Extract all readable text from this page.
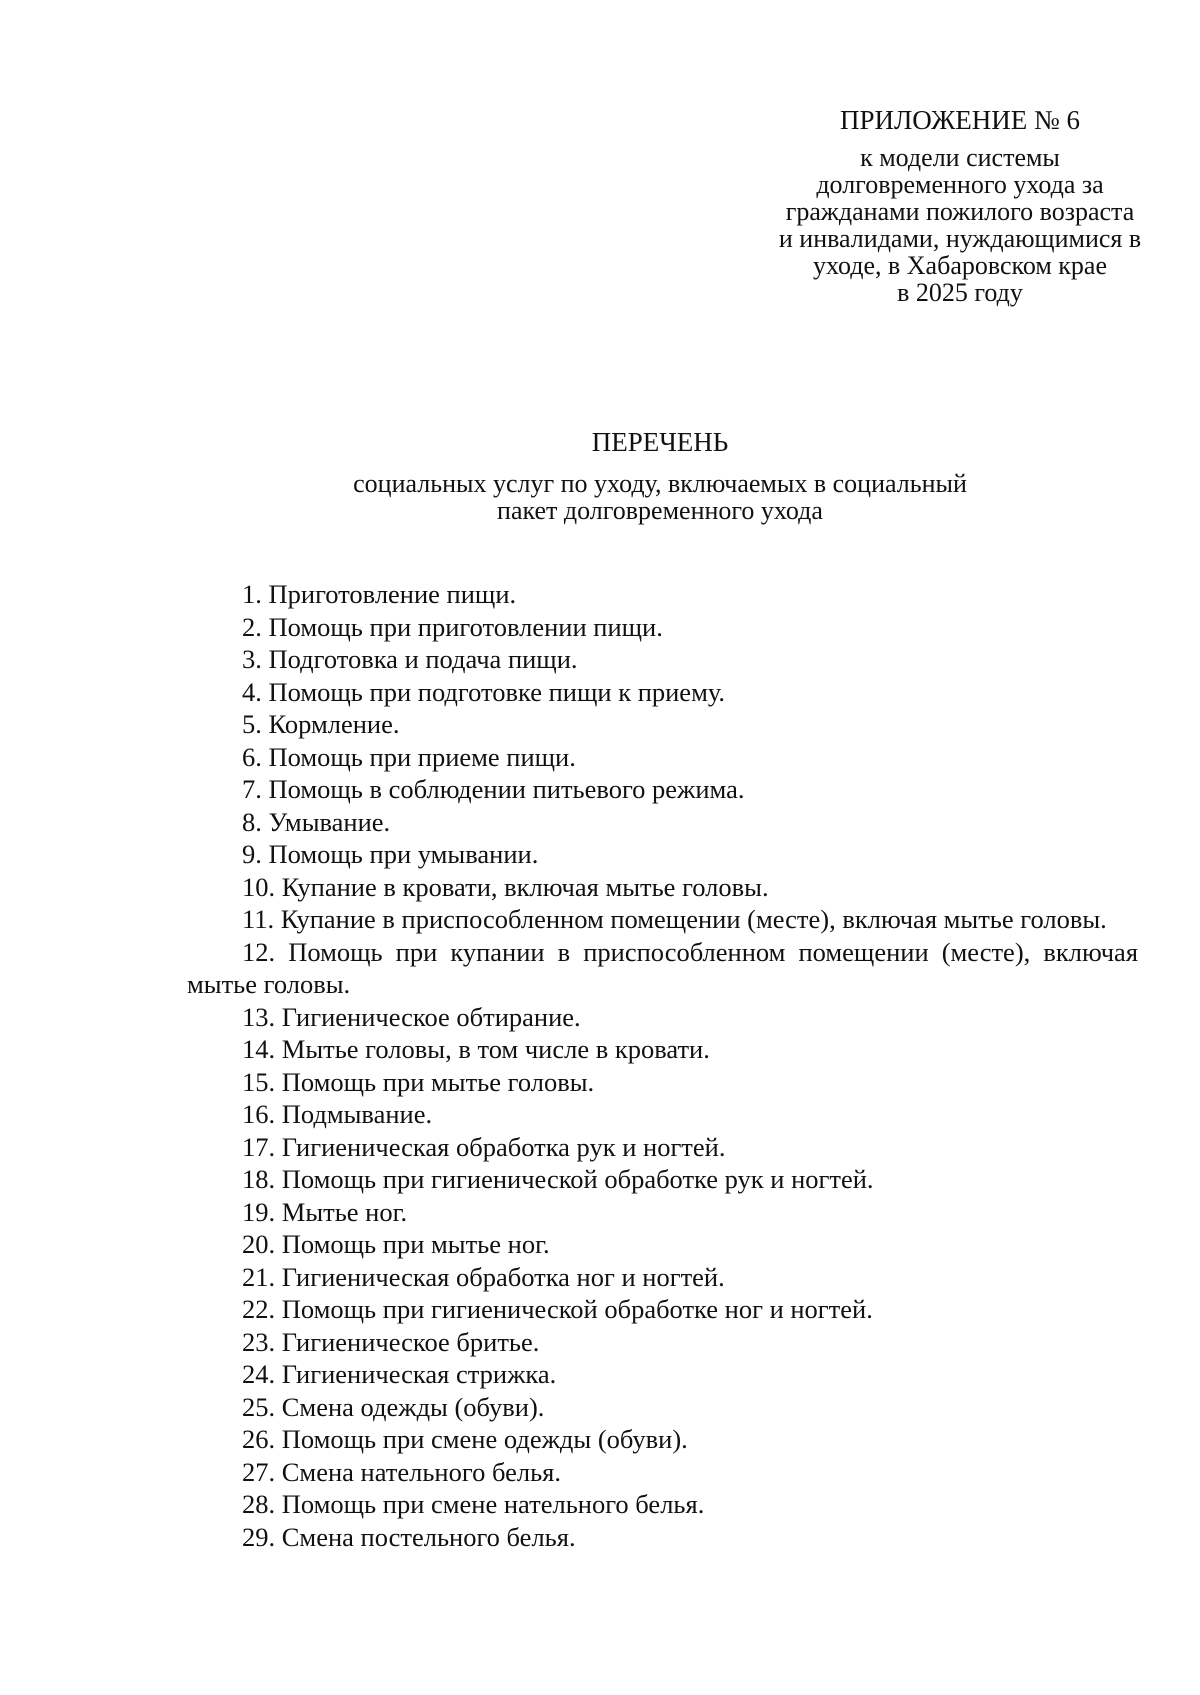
ПРИЛОЖЕНИЕ № 6
к модели системы
долговременного ухода за
гражданами пожилого возраста
и инвалидами, нуждающимися в
уходе, в Хабаровском крае
в 2025 году
ПЕРЕЧЕНЬ
социальных услуг по уходу, включаемых в социальный
пакет долговременного ухода
1 . Приготовление пищи.
2 . Помощь при приготовлении пищи.
3 . Подготовка и подача пищи.
4 . Помощь при подготовке пищи к приему.
5 . Кормление.
6 . Помощь при приеме пищи.
7 . Помощь в соблюдении питьевого режима.
8 . Умывание.
9 . Помощь при умывании.
10 . Купание в кровати, включая мытье головы.
11 . Купание в приспособленном помещении (месте), включая мытье головы.
12 . Помощь при купании в приспособленном помещении (месте), включая мытье головы.
13 . Гигиеническое обтирание.
14 . Мытье головы, в том числе в кровати.
15 . Помощь при мытье головы.
16 . Подмывание.
17 . Гигиеническая обработка рук и ногтей.
18 . Помощь при гигиенической обработке рук и ногтей.
19 . Мытье ног.
20 . Помощь при мытье ног.
21 . Гигиеническая обработка ног и ногтей.
22 . Помощь при гигиенической обработке ног и ногтей.
23 . Гигиеническое бритье.
24 . Гигиеническая стрижка.
25 . Смена одежды (обуви).
26 . Помощь при смене одежды (обуви).
27 . Смена нательного белья.
28 . Помощь при смене нательного белья.
29 . Смена постельного белья.
